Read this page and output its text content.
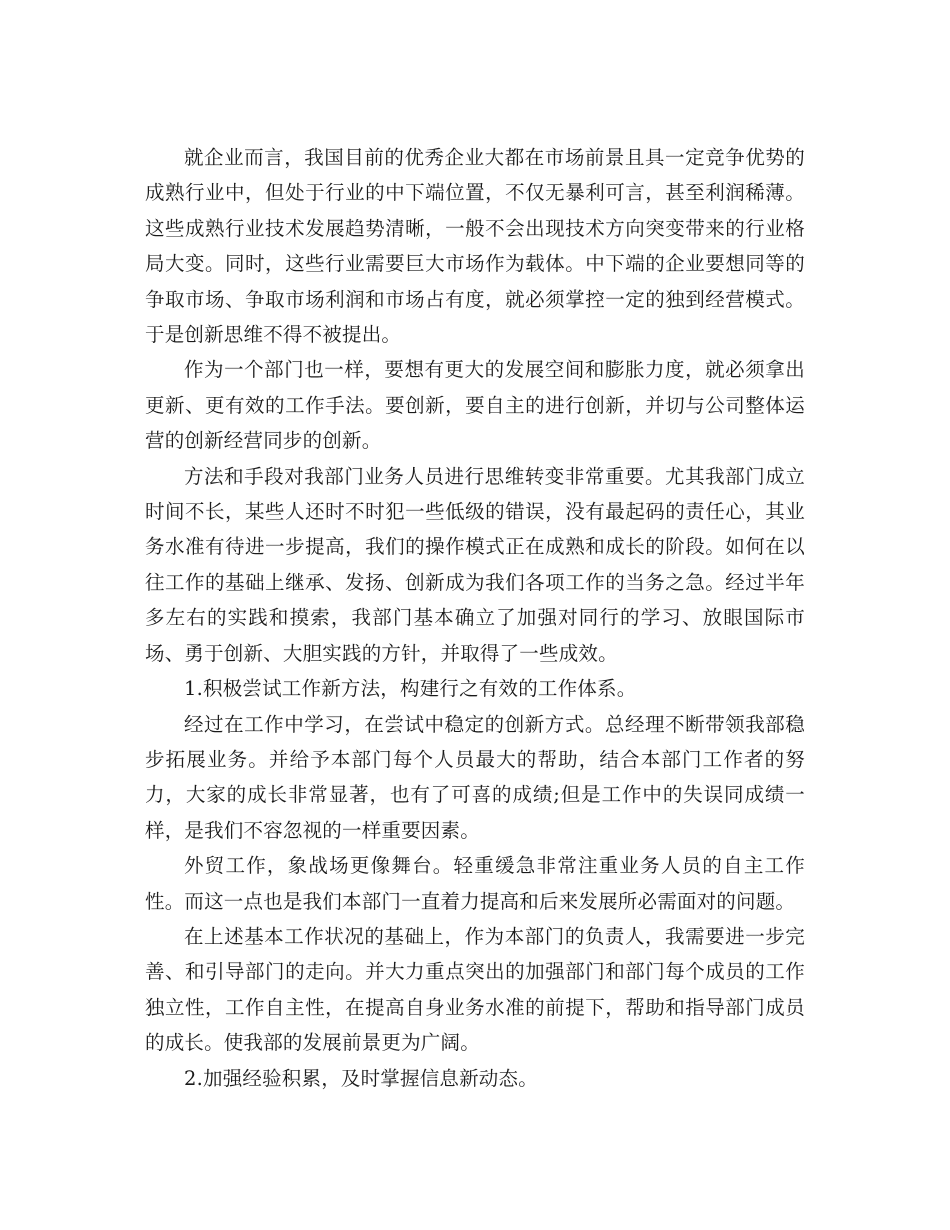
就企业而言，我国目前的优秀企业大都在市场前景且具一定竞争优势的成熟行业中，但处于行业的中下端位置，不仅无暴利可言，甚至利润稀薄。这些成熟行业技术发展趋势清晰，一般不会出现技术方向突变带来的行业格局大变。同时，这些行业需要巨大市场作为载体。中下端的企业要想同等的争取市场、争取市场利润和市场占有度，就必须掌控一定的独到经营模式。于是创新思维不得不被提出。

作为一个部门也一样，要想有更大的发展空间和膨胀力度，就必须拿出更新、更有效的工作手法。要创新，要自主的进行创新，并切与公司整体运营的创新经营同步的创新。

方法和手段对我部门业务人员进行思维转变非常重要。尤其我部门成立时间不长，某些人还时不时犯一些低级的错误，没有最起码的责任心，其业务水准有待进一步提高，我们的操作模式正在成熟和成长的阶段。如何在以往工作的基础上继承、发扬、创新成为我们各项工作的当务之急。经过半年多左右的实践和摸索，我部门基本确立了加强对同行的学习、放眼国际市场、勇于创新、大胆实践的方针，并取得了一些成效。

1.积极尝试工作新方法，构建行之有效的工作体系。

经过在工作中学习，在尝试中稳定的创新方式。总经理不断带领我部稳步拓展业务。并给予本部门每个人员最大的帮助，结合本部门工作者的努力，大家的成长非常显著，也有了可喜的成绩;但是工作中的失误同成绩一样，是我们不容忽视的一样重要因素。

外贸工作，象战场更像舞台。轻重缓急非常注重业务人员的自主工作性。而这一点也是我们本部门一直着力提高和后来发展所必需面对的问题。

在上述基本工作状况的基础上，作为本部门的负责人，我需要进一步完善、和引导部门的走向。并大力重点突出的加强部门和部门每个成员的工作独立性，工作自主性，在提高自身业务水准的前提下，帮助和指导部门成员的成长。使我部的发展前景更为广阔。

2.加强经验积累，及时掌握信息新动态。
